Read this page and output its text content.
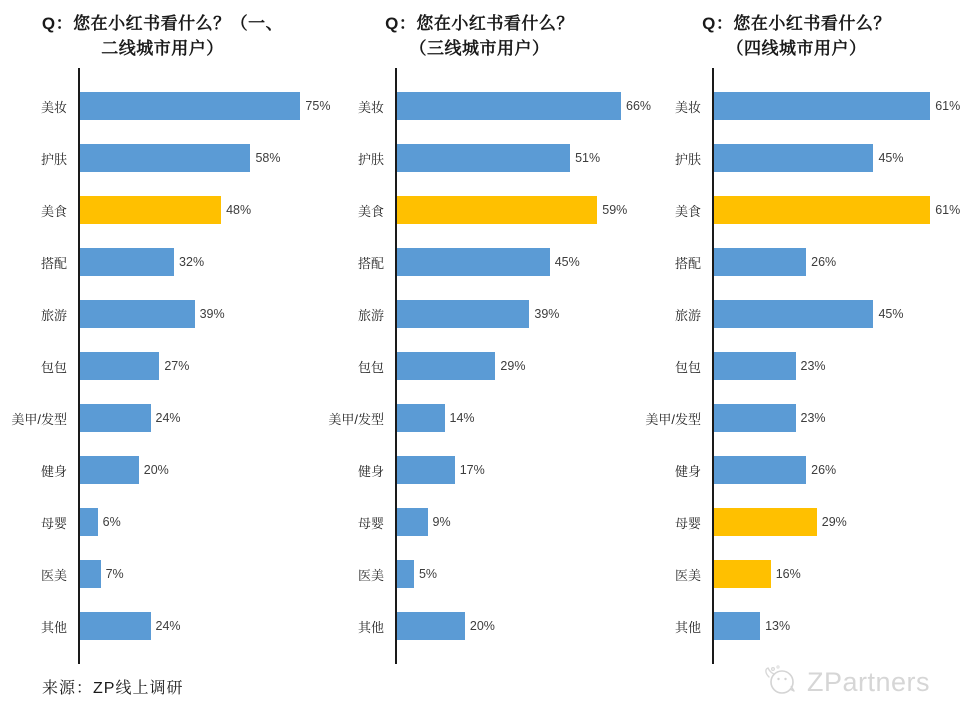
Q：您在小红书看什么？（一、
二线城市用户）
美妆	75%
护肤	58%
美食	48%
搭配	32%
旅游	39%
包包	27%
美甲/发型	24%
健身	20%
母婴	6%
医美	7%
其他	24%
Q：您在小红书看什么？
（三线城市用户）
美妆	66%
护肤	51%
美食	59%
搭配	45%
旅游	39%
包包	29%
美甲/发型	14%
健身	17%
母婴	9%
医美	5%
其他	20%
Q：您在小红书看什么？
（四线城市用户）
美妆	61%
护肤	45%
美食	61%
搭配	26%
旅游	45%
包包	23%
美甲/发型	23%
健身	26%
母婴	29%
医美	16%
其他	13%
来源：ZP线上调研	ZPartners
